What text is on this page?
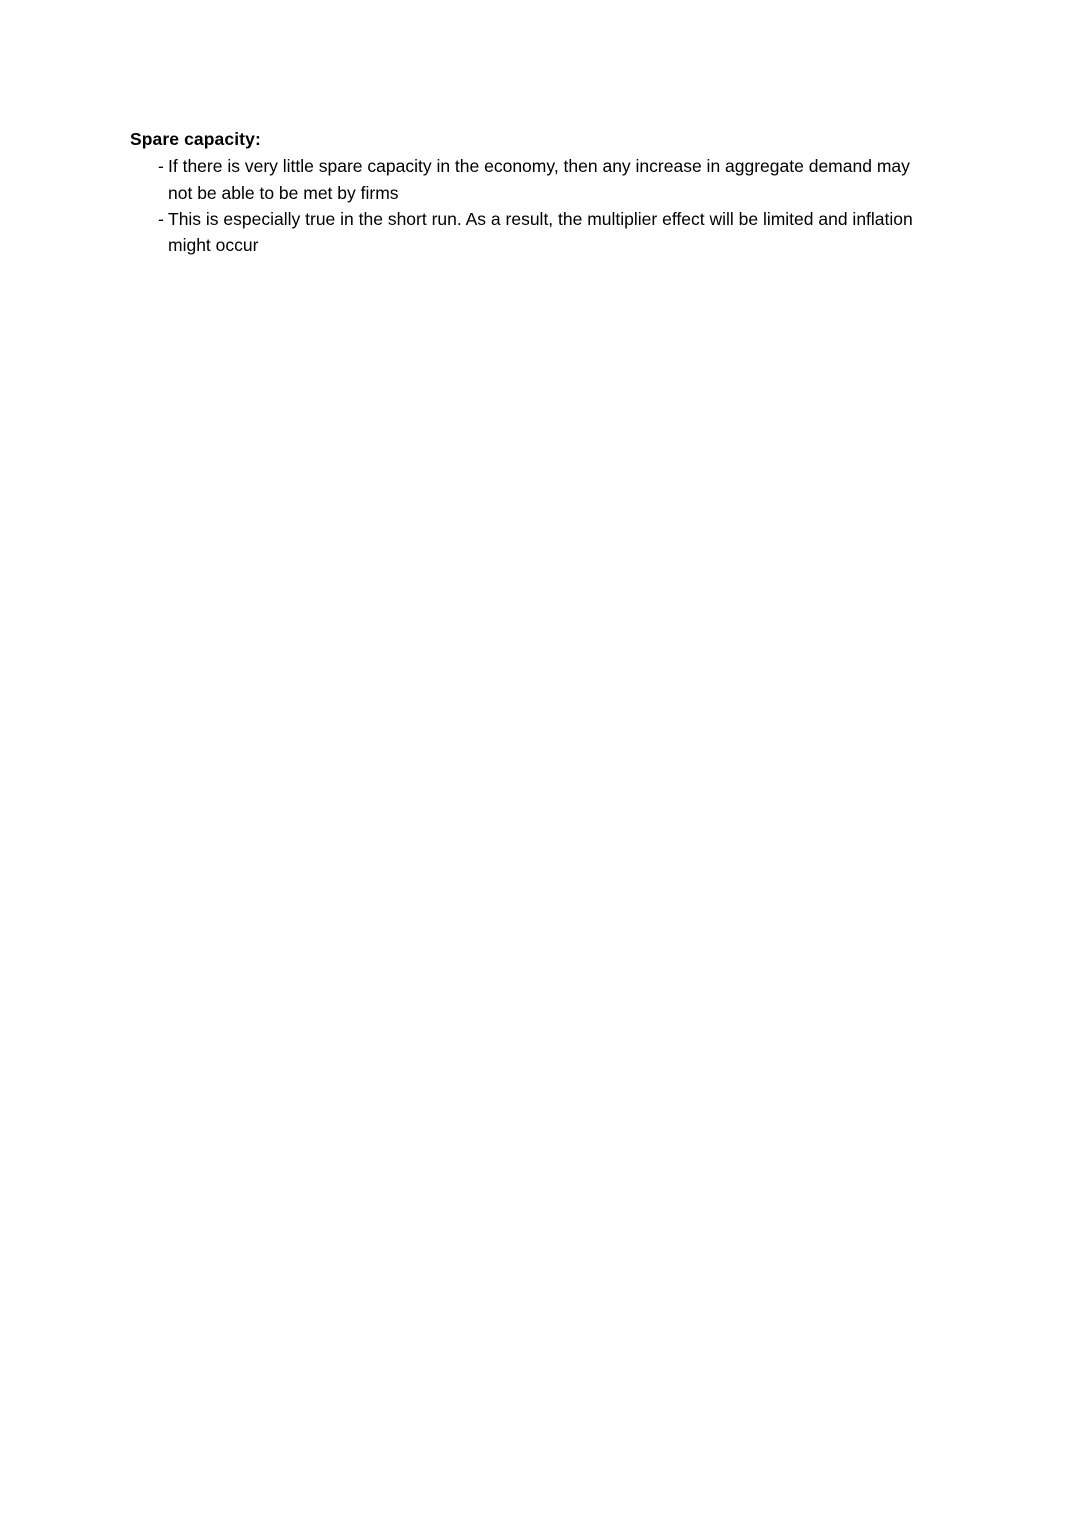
Spare capacity:
- If there is very little spare capacity in the economy, then any increase in aggregate demand may not be able to be met by firms
- This is especially true in the short run. As a result, the multiplier effect will be limited and inflation might occur
